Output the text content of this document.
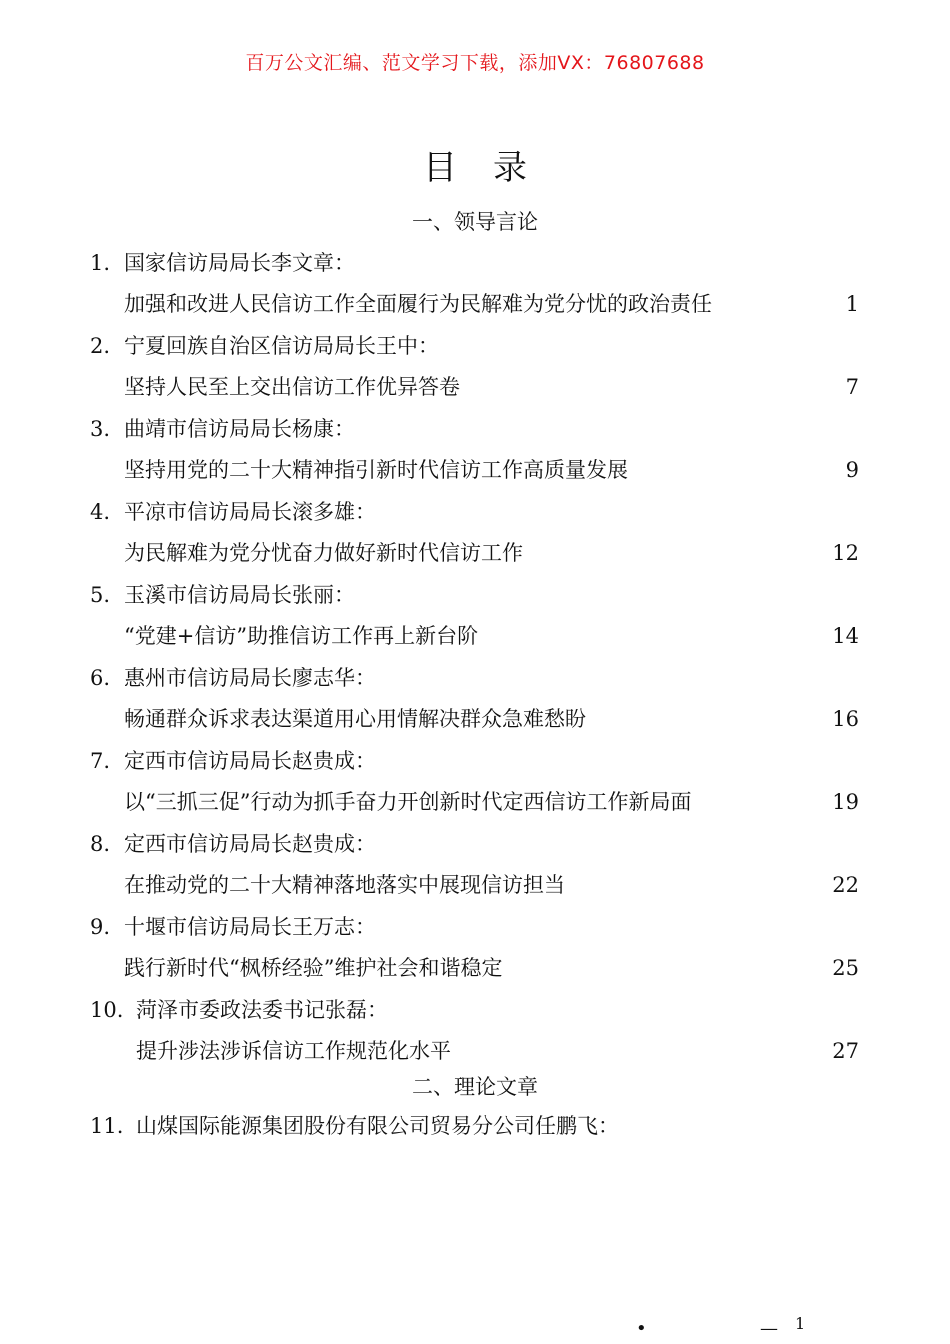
百万公文汇编、范文学习下载，添加VX：76807688
目录
一、领导言论
1. 国家信访局局长李文章：
加强和改进人民信访工作全面履行为民解难为党分忧的政治责任	1
2. 宁夏回族自治区信访局局长王中：
坚持人民至上交出信访工作优异答卷	7
3. 曲靖市信访局局长杨康：
坚持用党的二十大精神指引新时代信访工作高质量发展	9
4. 平凉市信访局局长滚多雄：
为民解难为党分忧奋力做好新时代信访工作	12
5. 玉溪市信访局局长张丽：
“党建+信访”助推信访工作再上新台阶	14
6. 惠州市信访局局长廖志华：
畅通群众诉求表达渠道用心用情解决群众急难愁盼	16
7. 定西市信访局局长赵贵成：
以“三抓三促”行动为抓手奋力开创新时代定西信访工作新局面	19
8. 定西市信访局局长赵贵成：
在推动党的二十大精神落地落实中展现信访担当	22
9. 十堰市信访局局长王万志：
践行新时代“枫桥经验”维护社会和谐稳定	25
10. 菏泽市委政法委书记张磊：
提升涉法涉诉信访工作规范化水平	27
二、理论文章
11. 山煤国际能源集团股份有限公司贸易分公司任鹏飞：
•	— 1
